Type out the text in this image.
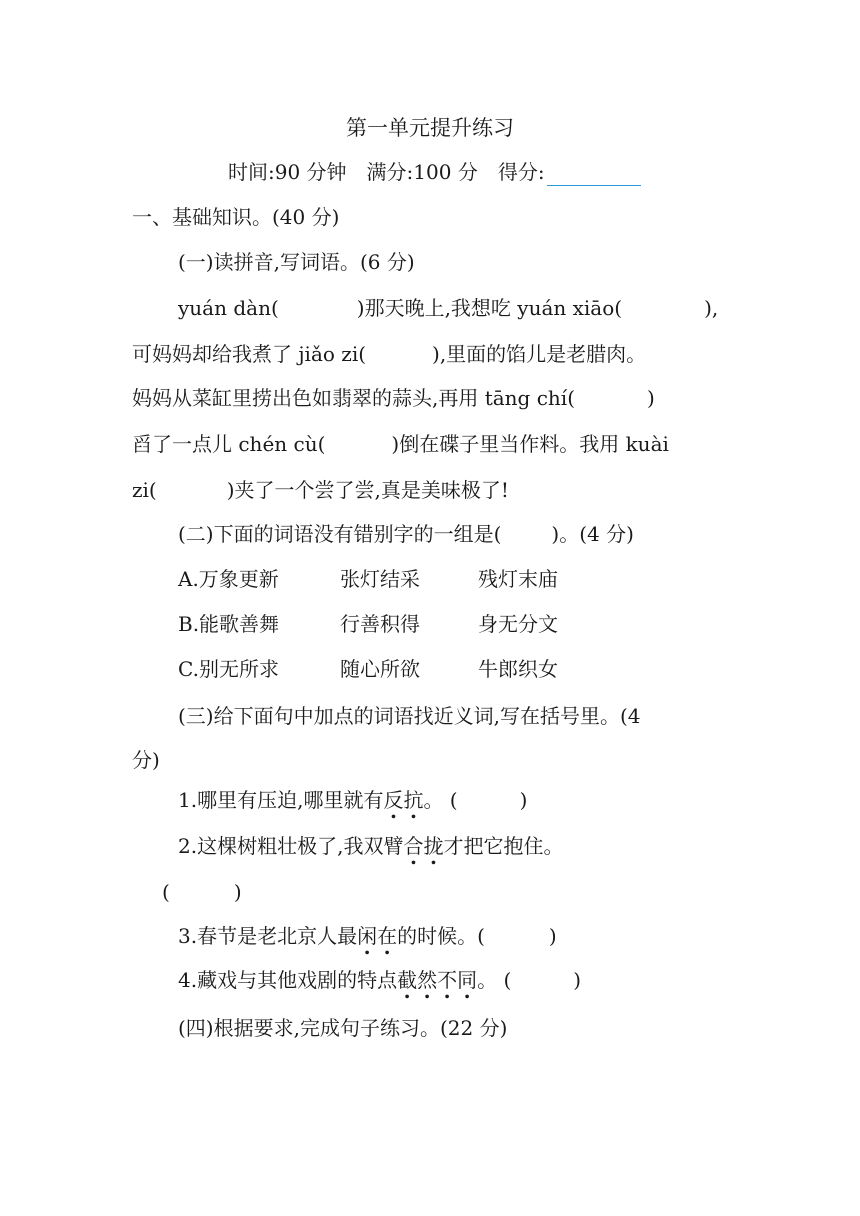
第一单元提升练习
时间:90 分钟 满分:100 分 得分:
一、基础知识。(40 分)
(一)读拼音,写词语。(6 分)
yuán dàn(	)那天晚上,我想吃 yuán xiāo(	),
可妈妈却给我煮了 jiǎo zi(	),里面的馅儿是老腊肉。
妈妈从菜缸里捞出色如翡翠的蒜头,再用 tāng chí(	)
舀了一点儿 chén cù(	)倒在碟子里当作料。我用 kuài
zi(	)夹了一个尝了尝,真是美味极了!
(二)下面的词语没有错别字的一组是(	)。(4 分)
A.万象更新	张灯结采	残灯末庙
B.能歌善舞	行善积得	身无分文
C.别无所求	随心所欲	牛郎织女
(三)给下面句中加点的词语找近义词,写在括号里。(4
分)
1.哪里有压迫,哪里就有反抗。 (	)
2.这棵树粗壮极了,我双臂合拢才把它抱住。
(	)
3.春节是老北京人最闲在的时候。(	)
4.藏戏与其他戏剧的特点截然不同。 (	)
(四)根据要求,完成句子练习。(22 分)
